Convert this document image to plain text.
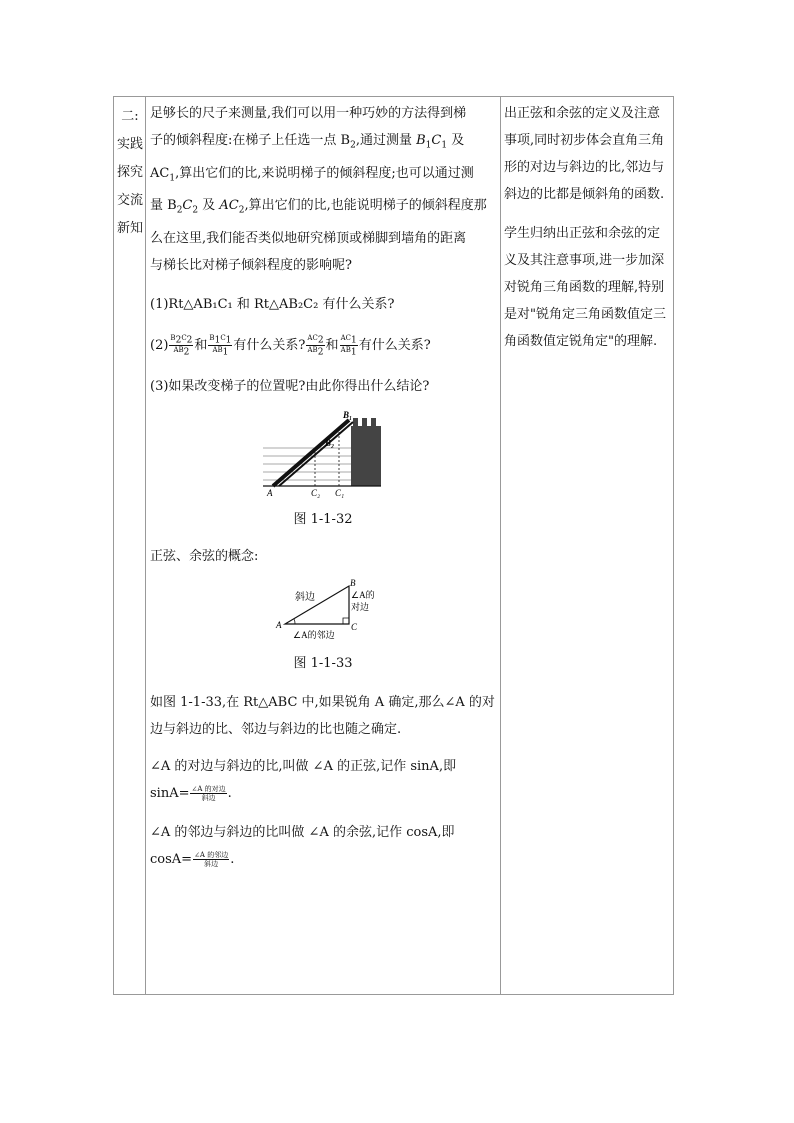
二:
实践
探究
交流
新知

足够长的尺子来测量,我们可以用一种巧妙的方法得到梯

子的倾斜程度:在梯子上任选一点 $B_2$,通过测量 $B_1C_1$ 及

$AC_1$,算出它们的比,来说明梯子的倾斜程度;也可以通过测

量 $B_2C_2$ 及 $AC_2$,算出它们的比,也能说明梯子的倾斜程度那

么在这里,我们能否类似地研究梯顶或梯脚到墙角的距离

与梯长比对梯子倾斜程度的影响呢?

(1)Rt△AB₁C₁ 和 Rt△AB₂C₂ 有什么关系?

$(2) \frac{B_2C_2}{AB_2}$ 和 $\frac{B_1C_1}{AB_1}$ 有什么关系? $\frac{AC_2}{AB_2}$ 和 $\frac{AC_1}{AB_1}$ 有什么关系?

(3)如果改变梯子的位置呢?由此你得出什么结论?

B₁
B₂
A	C₂ C₁

图 1-1-32

正弦、余弦的概念:

斜边	∠A的
对边
∠A的邻边
A
B
C

图 1-1-33

如图 1-1-33,在 Rt△ABC 中,如果锐角 A 确定,那么∠A 的对

边与斜边的比、邻边与斜边的比也随之确定.

∠A 的对边与斜边的比,叫做 ∠A 的正弦,记作 sinA,即

$\sin A= \frac{\text{∠A 的对边}}{\text{斜边}}$ .

∠A 的邻边与斜边的比叫做 ∠A 的余弦,记作 cosA,即

$\cos A= \frac{\text{∠A 的邻边}}{\text{斜边}}$ .

出正弦和余弦的定义及注意

事项,同时初步体会直角三角

形的对边与斜边的比,邻边与

斜边的比都是倾斜角的函数.

学生归纳出正弦和余弦的定

义及其注意事项,进一步加深

对锐角三角函数的理解,特别

是对"锐角定三角函数值定三

角函数值定锐角定"的理解.
